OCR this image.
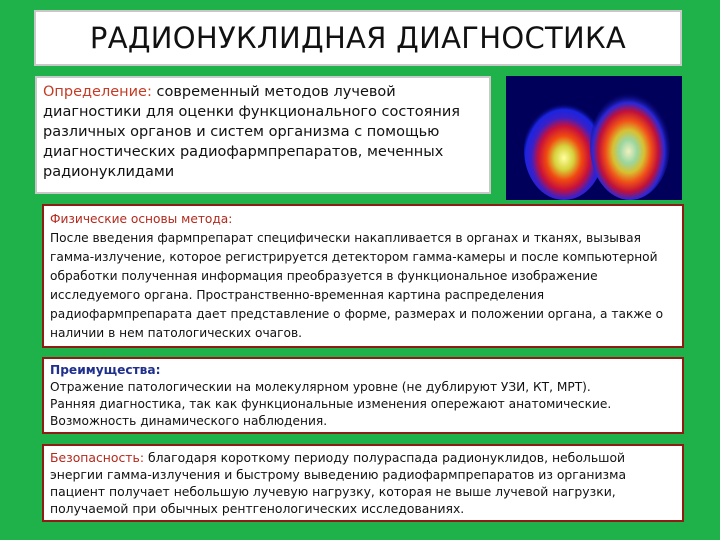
РАДИОНУКЛИДНАЯ ДИАГНОСТИКА
Определение: современный методов лучевой диагностики для оценки функционального состояния различных органов и систем организма с помощью диагностических радиофармпрепаратов, меченных радионуклидами
Физические основы метода:
После введения фармпрепарат специфически накапливается в органах и тканях, вызывая гамма-излучение, которое регистрируется детектором гамма-камеры и после компьютерной обработки полученная информация преобразуется в функциональное изображение исследуемого органа. Пространственно-временная картина распределения радиофармпрепарата дает представление о форме, размерах и положении органа, а также о наличии в нем патологических очагов.
Преимущества:
Отражение патологическии на молекулярном уровне (не дублируют УЗИ, КТ, МРТ).
Ранняя диагностика, так как функциональные изменения опережают анатомические.
Возможность динамического наблюдения.
Безопасность: благодаря короткому периоду полураспада радионуклидов, небольшой энергии гамма-излучения и быстрому выведению радиофармпрепаратов из организма пациент получает небольшую лучевую нагрузку, которая не выше лучевой нагрузки, получаемой при обычных рентгенологических исследованиях.
